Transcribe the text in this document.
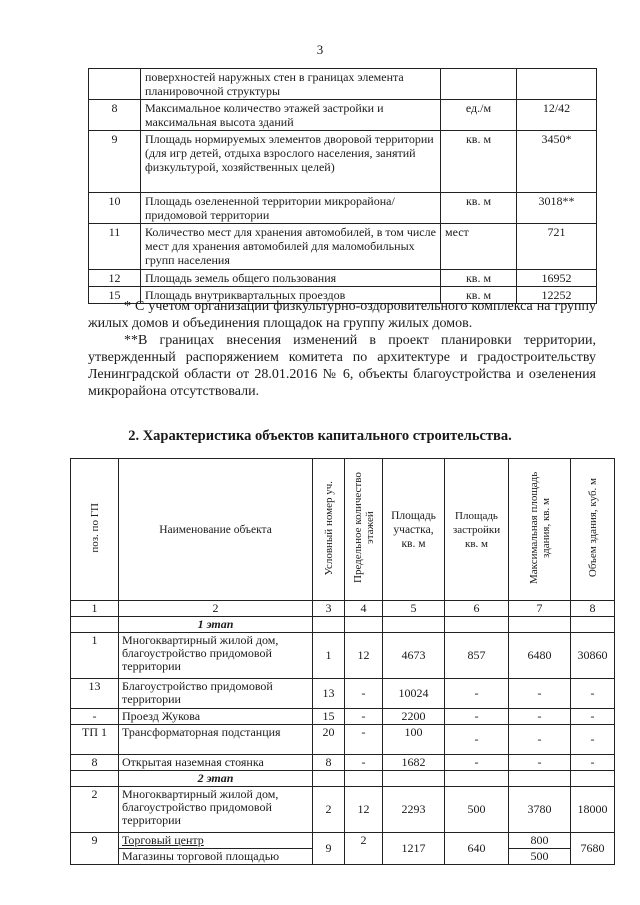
3
	поверхностей наружных стен в границах элемента планировочной структуры		
8	Максимальное количество этажей застройки и максимальная высота зданий	ед./м	12/42
9	Площадь нормируемых элементов дворовой территории (для игр детей, отдыха взрослого населения, занятий физкультурой, хозяйственных целей)	кв. м	3450*
10	Площадь озелененной территории микрорайона/придомовой территории	кв. м	3018**
11	Количество мест для хранения автомобилей, в том числе мест для хранения автомобилей для маломобильных групп населения	мест	721
12	Площадь земель общего пользования	кв. м	16952
15	Площадь внутриквартальных проездов	кв. м	12252

* С учетом организации физкультурно-оздоровительного комплекса на группу жилых домов и объединения площадок на группу жилых домов.

**В границах внесения изменений в проект планировки территории, утвержденный распоряжением комитета по архитектуре и градостроительству Ленинградской области от 28.01.2016 № 6, объекты благоустройства и озеленения микрорайона отсутствовали.

2. Характеристика объектов капитального строительства.
поз. по ГП	Наименование объекта	Условный номер уч.	Предельное количество этажей	Площадь участка, кв. м	Площадь застройки кв. м	Максимальная площадь здания, кв. м	Объем здания, куб. м
1	2	3	4	5	6	7	8
	1 этап						
1	Многоквартирный жилой дом, благоустройство придомовой территории	1	12	4673	857	6480	30860
13	Благоустройство придомовой территории	13	-	10024	-	-	-
-	Проезд Жукова	15	-	2200	-	-	-
ТП 1	Трансформаторная подстанция	20	-	100	-	-	-
8	Открытая наземная стоянка	8	-	1682	-	-	-
	2 этап						
2	Многоквартирный жилой дом, благоустройство придомовой территории	2	12	2293	500	3780	18000
9	Торговый центр	9	2	1217	640	800	7680
	Магазины торговой площадью					500	
